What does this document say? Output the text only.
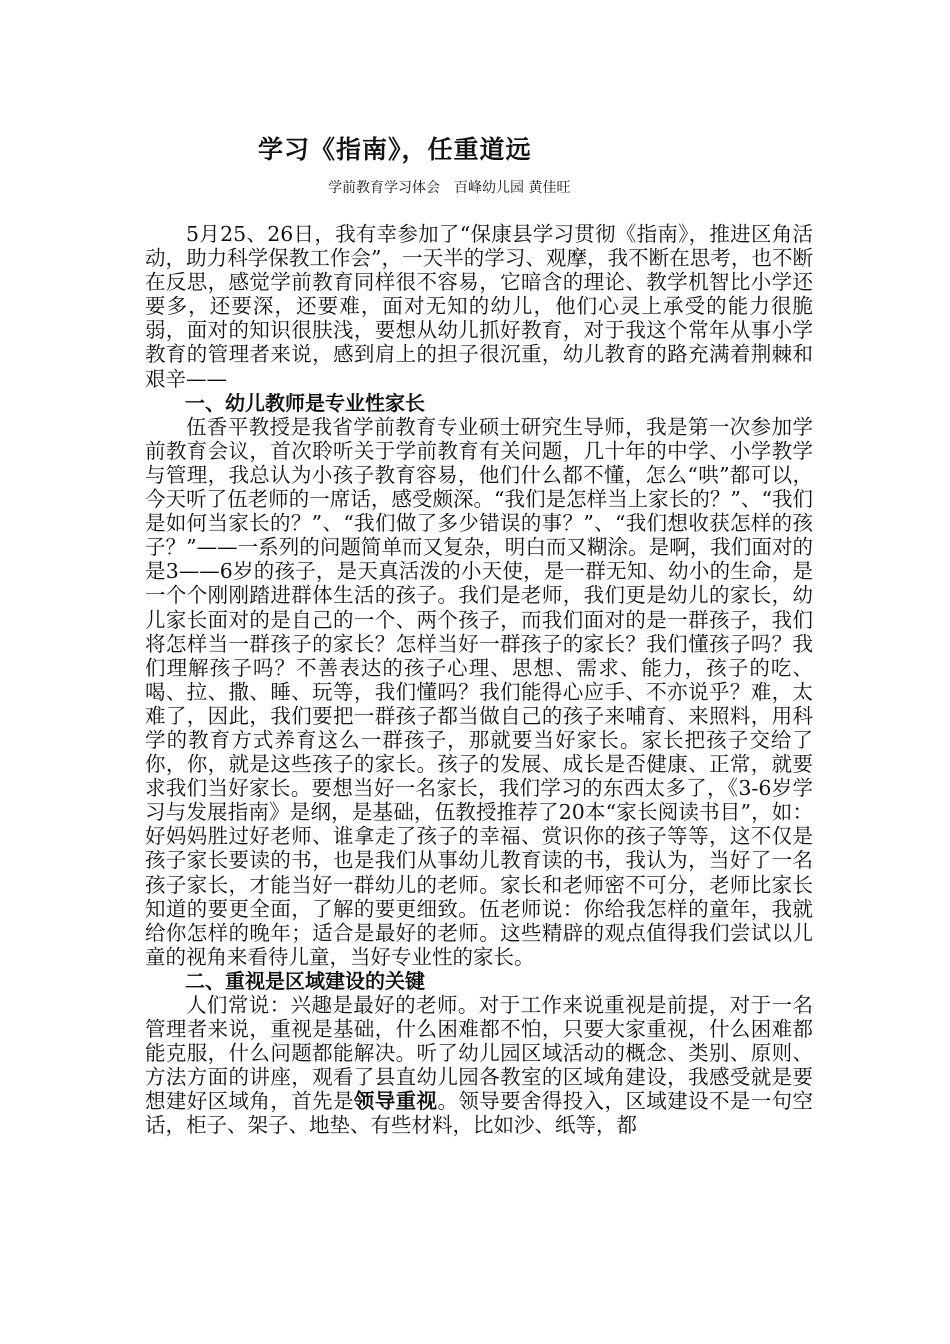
学习《指南》，任重道远
学前教育学习体会　百峰幼儿园 黄佳旺

5月25、26日，我有幸参加了“保康县学习贯彻《指南》，推进区角活动，助力科学保教工作会”，一天半的学习、观摩，我不断在思考，也不断在反思，感觉学前教育同样很不容易，它暗含的理论、教学机智比小学还要多，还要深，还要难，面对无知的幼儿，他们心灵上承受的能力很脆弱，面对的知识很肤浅，要想从幼儿抓好教育，对于我这个常年从事小学教育的管理者来说，感到肩上的担子很沉重，幼儿教育的路充满着荆棘和艰辛——

一、幼儿教师是专业性家长

伍香平教授是我省学前教育专业硕士研究生导师，我是第一次参加学前教育会议，首次聆听关于学前教育有关问题，几十年的中学、小学教学与管理，我总认为小孩子教育容易，他们什么都不懂，怎么“哄”都可以，今天听了伍老师的一席话，感受颇深。“我们是怎样当上家长的？”、“我们是如何当家长的？”、“我们做了多少错误的事？”、“我们想收获怎样的孩子？”——一系列的问题简单而又复杂，明白而又糊涂。是啊，我们面对的是3——6岁的孩子，是天真活泼的小天使，是一群无知、幼小的生命，是一个个刚刚踏进群体生活的孩子。我们是老师，我们更是幼儿的家长，幼儿家长面对的是自己的一个、两个孩子，而我们面对的是一群孩子，我们将怎样当一群孩子的家长？怎样当好一群孩子的家长？我们懂孩子吗？我们理解孩子吗？不善表达的孩子心理、思想、需求、能力，孩子的吃、喝、拉、撒、睡、玩等，我们懂吗？我们能得心应手、不亦说乎？难，太难了，因此，我们要把一群孩子都当做自己的孩子来哺育、来照料，用科学的教育方式养育这么一群孩子，那就要当好家长。家长把孩子交给了你，你，就是这些孩子的家长。孩子的发展、成长是否健康、正常，就要求我们当好家长。要想当好一名家长，我们学习的东西太多了，《3-6岁学习与发展指南》是纲，是基础，伍教授推荐了20本“家长阅读书目”，如：好妈妈胜过好老师、谁拿走了孩子的幸福、赏识你的孩子等等，这不仅是孩子家长要读的书，也是我们从事幼儿教育读的书，我认为，当好了一名孩子家长，才能当好一群幼儿的老师。家长和老师密不可分，老师比家长知道的要更全面，了解的要更细致。伍老师说：你给我怎样的童年，我就给你怎样的晚年；适合是最好的老师。这些精辟的观点值得我们尝试以儿童的视角来看待儿童，当好专业性的家长。

二、重视是区域建设的关键

人们常说：兴趣是最好的老师。对于工作来说重视是前提，对于一名管理者来说，重视是基础，什么困难都不怕，只要大家重视，什么困难都能克服，什么问题都能解决。听了幼儿园区域活动的概念、类别、原则、方法方面的讲座，观看了县直幼儿园各教室的区域角建设，我感受就是要想建好区域角，首先是领导重视。领导要舍得投入，区域建设不是一句空话，柜子、架子、地垫、有些材料，比如沙、纸等，都
